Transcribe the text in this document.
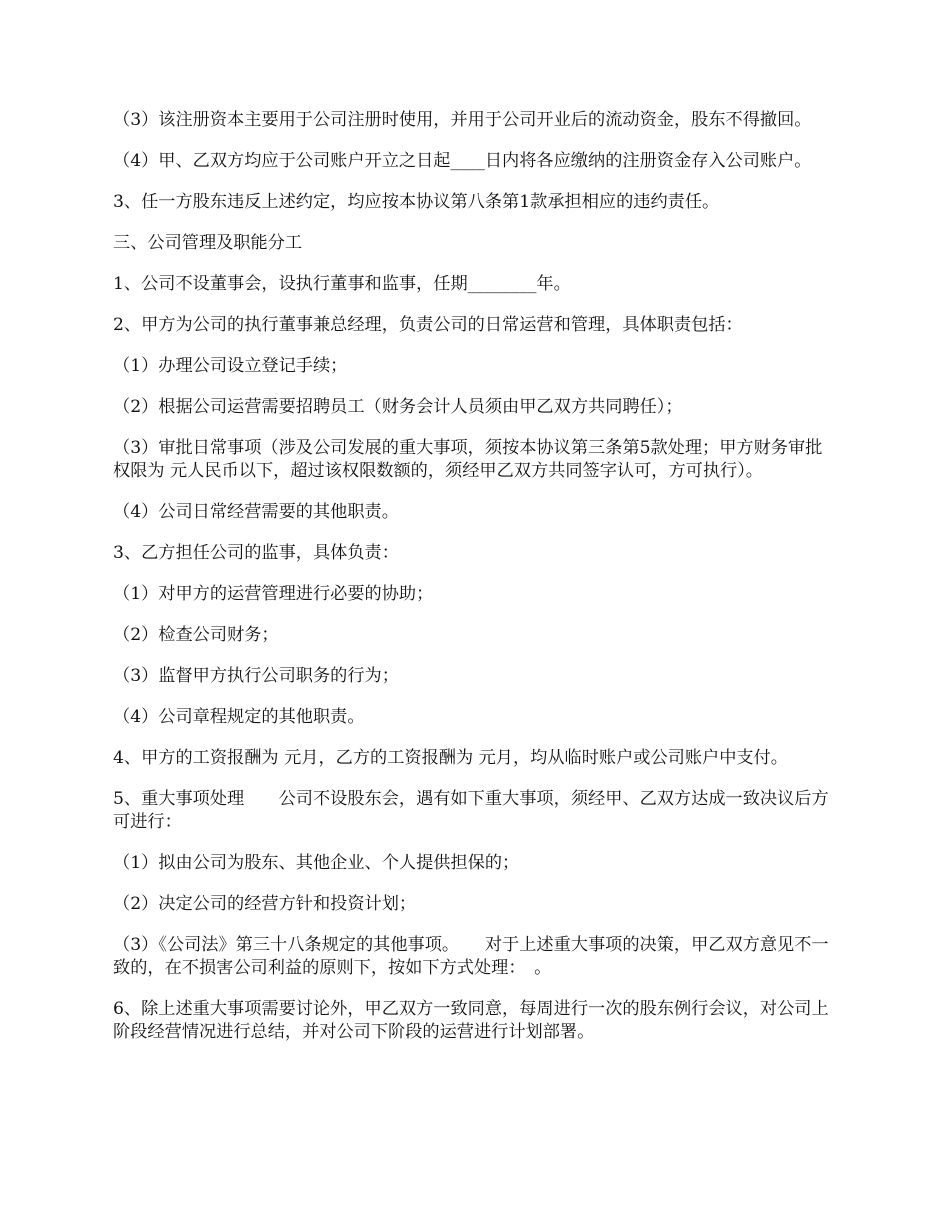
（3）该注册资本主要用于公司注册时使用，并用于公司开业后的流动资金，股东不得撤回。

（4）甲、乙双方均应于公司账户开立之日起____日内将各应缴纳的注册资金存入公司账户。

3、任一方股东违反上述约定，均应按本协议第八条第1款承担相应的违约责任。

三、公司管理及职能分工

1、公司不设董事会，设执行董事和监事，任期________年。

2、甲方为公司的执行董事兼总经理，负责公司的日常运营和管理，具体职责包括：

（1）办理公司设立登记手续；

（2）根据公司运营需要招聘员工（财务会计人员须由甲乙双方共同聘任）；

（3）审批日常事项（涉及公司发展的重大事项，须按本协议第三条第5款处理；甲方财务审批权限为 元人民币以下，超过该权限数额的，须经甲乙双方共同签字认可，方可执行）。

（4）公司日常经营需要的其他职责。

3、乙方担任公司的监事，具体负责：

（1）对甲方的运营管理进行必要的协助；

（2）检查公司财务；

（3）监督甲方执行公司职务的行为；

（4）公司章程规定的其他职责。

4、甲方的工资报酬为 元月，乙方的工资报酬为 元月，均从临时账户或公司账户中支付。

5、重大事项处理　　公司不设股东会，遇有如下重大事项，须经甲、乙双方达成一致决议后方可进行：

（1）拟由公司为股东、其他企业、个人提供担保的；

（2）决定公司的经营方针和投资计划；

（3）《公司法》第三十八条规定的其他事项。　　对于上述重大事项的决策，甲乙双方意见不一致的，在不损害公司利益的原则下，按如下方式处理：　。

6、除上述重大事项需要讨论外，甲乙双方一致同意，每周进行一次的股东例行会议，对公司上阶段经营情况进行总结，并对公司下阶段的运营进行计划部署。
